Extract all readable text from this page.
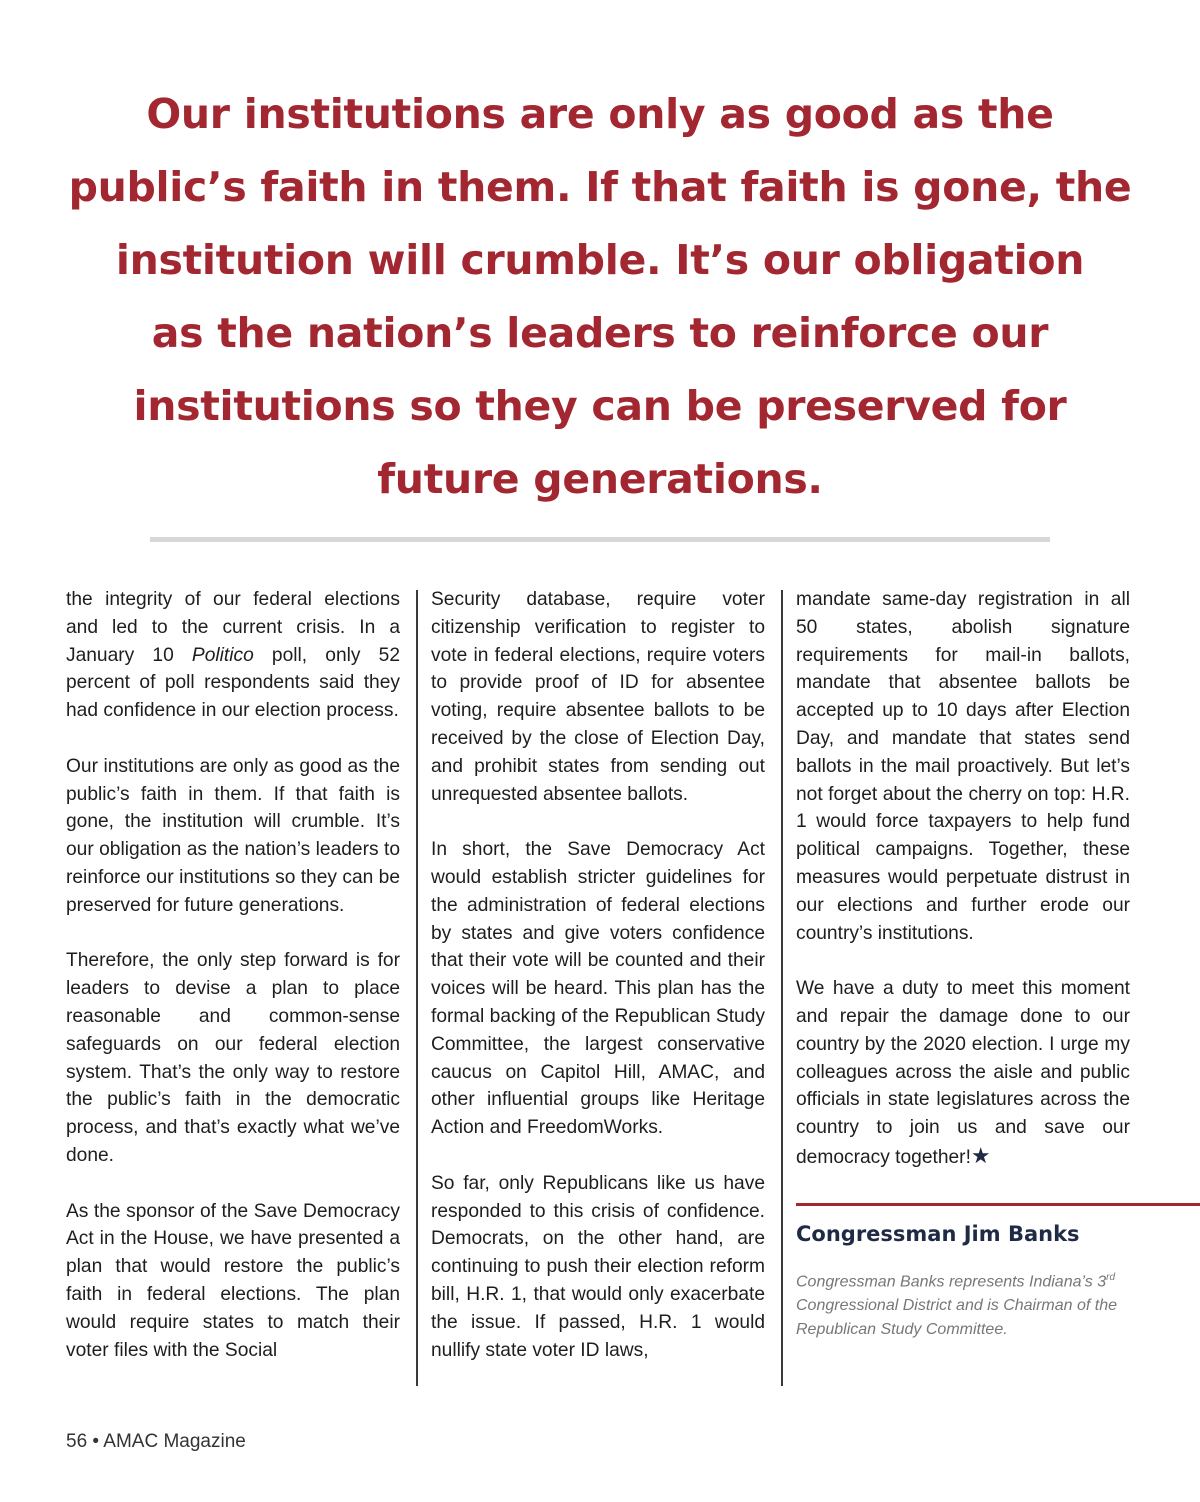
Our institutions are only as good as the
public’s faith in them. If that faith is gone, the
institution will crumble. It’s our obligation
as the nation’s leaders to reinforce our
institutions so they can be preserved for
future generations.

the integrity of our federal elections and led to the current crisis. In a January 10 Politico poll, only 52 percent of poll respondents said they had confidence in our election process.

Our institutions are only as good as the public’s faith in them. If that faith is gone, the institution will crumble. It’s our obligation as the nation’s leaders to reinforce our institutions so they can be preserved for future generations.

Therefore, the only step forward is for leaders to devise a plan to place reasonable and common-sense safeguards on our federal election system. That’s the only way to restore the public’s faith in the democratic process, and that’s exactly what we’ve done.

As the sponsor of the Save Democracy Act in the House, we have presented a plan that would restore the public’s faith in federal elections. The plan would require states to match their voter files with the Social

Security database, require voter citizenship verification to register to vote in federal elections, require voters to provide proof of ID for absentee voting, require absentee ballots to be received by the close of Election Day, and prohibit states from sending out unrequested absentee ballots.

In short, the Save Democracy Act would establish stricter guidelines for the administration of federal elections by states and give voters confidence that their vote will be counted and their voices will be heard. This plan has the formal backing of the Republican Study Committee, the largest conservative caucus on Capitol Hill, AMAC, and other influential groups like Heritage Action and FreedomWorks.

So far, only Republicans like us have responded to this crisis of confidence. Democrats, on the other hand, are continuing to push their election reform bill, H.R. 1, that would only exacerbate the issue. If passed, H.R. 1 would nullify state voter ID laws,

mandate same-day registration in all 50 states, abolish signature requirements for mail-in ballots, mandate that absentee ballots be accepted up to 10 days after Election Day, and mandate that states send ballots in the mail proactively. But let’s not forget about the cherry on top: H.R. 1 would force taxpayers to help fund political campaigns. Together, these measures would perpetuate distrust in our elections and further erode our country’s institutions.

We have a duty to meet this moment and repair the damage done to our country by the 2020 election. I urge my colleagues across the aisle and public officials in state legislatures across the country to join us and save our democracy together!★

Congressman Jim Banks

Congressman Banks represents Indiana’s 3rd Congressional District and is Chairman of the Republican Study Committee.

56 • AMAC Magazine
